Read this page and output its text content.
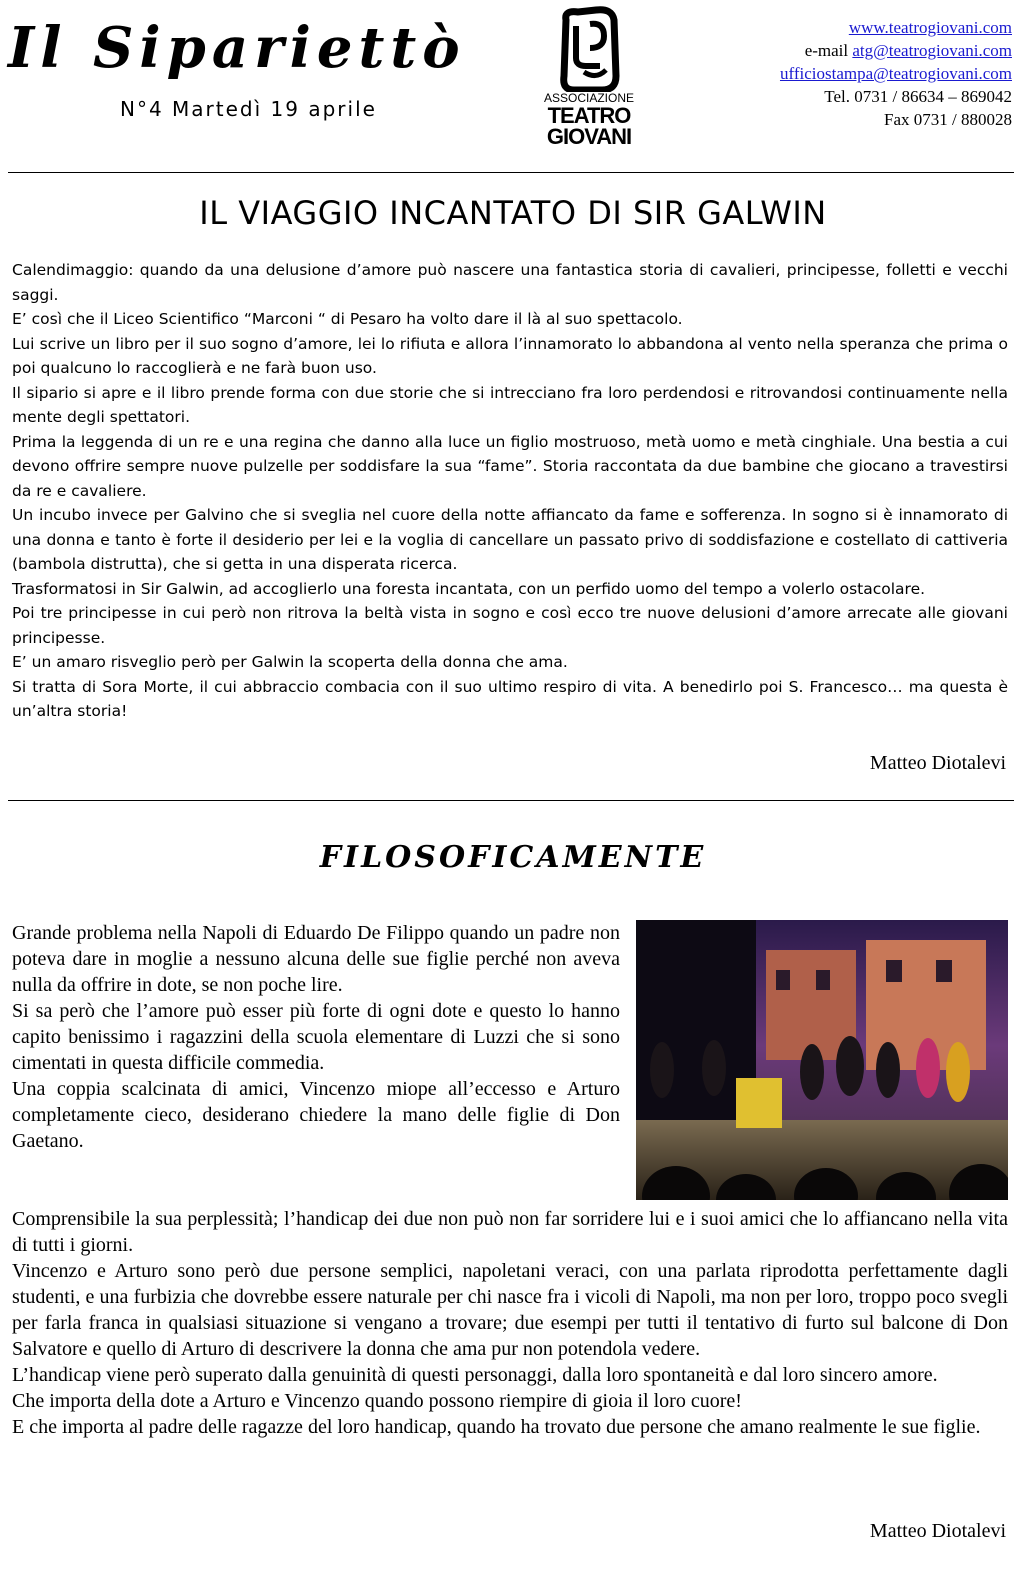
Il Sipariettò
N°4 Martedì 19 aprile	ASSOCIAZIONE
TEATRO
GIOVANI
www.teatrogiovani.com
e-mail atg@teatrogiovani.com
ufficiostampa@teatrogiovani.com
Tel. 0731 / 86634 – 869042
Fax 0731 / 880028
IL VIAGGIO INCANTATO DI SIR GALWIN

Calendimaggio: quando da una delusione d’amore può nascere una fantastica storia di cavalieri, principesse, folletti e vecchi saggi.

E’ così che il Liceo Scientifico “Marconi “ di Pesaro ha volto dare il là al suo spettacolo.

Lui scrive un libro per il suo sogno d’amore, lei lo rifiuta e allora l’innamorato lo abbandona al vento nella speranza che prima o poi qualcuno lo raccoglierà e ne farà buon uso.

Il sipario si apre e il libro prende forma con due storie che si intrecciano fra loro perdendosi e ritrovandosi continuamente nella mente degli spettatori.

Prima la leggenda di un re e una regina che danno alla luce un figlio mostruoso, metà uomo e metà cinghiale. Una bestia a cui devono offrire sempre nuove pulzelle per soddisfare la sua “fame”. Storia raccontata da due bambine che giocano a travestirsi da re e cavaliere.

Un incubo invece per Galvino che si sveglia nel cuore della notte affiancato da fame e sofferenza. In sogno si è innamorato di una donna e tanto è forte il desiderio per lei e la voglia di cancellare un passato privo di soddisfazione e costellato di cattiveria (bambola distrutta), che si getta in una disperata ricerca.

Trasformatosi in Sir Galwin, ad accoglierlo una foresta incantata, con un perfido uomo del tempo a volerlo ostacolare.

Poi tre principesse in cui però non ritrova la beltà vista in sogno e così ecco tre nuove delusioni d’amore arrecate alle giovani principesse.

E’ un amaro risveglio però per Galwin la scoperta della donna che ama.

Si tratta di Sora Morte, il cui abbraccio combacia con il suo ultimo respiro di vita. A benedirlo poi S. Francesco… ma questa è un’altra storia!

Matteo Diotalevi
FILOSOFICAMENTE

Grande problema nella Napoli di Eduardo De Filippo quando un padre non poteva dare in moglie a nessuno alcuna delle sue figlie perché non aveva nulla da offrire in dote, se non poche lire.

Si sa però che l’amore può esser più forte di ogni dote e questo lo hanno capito benissimo i ragazzini della scuola elementare di Luzzi che si sono cimentati in questa difficile commedia.

Una coppia scalcinata di amici, Vincenzo miope all’eccesso e Arturo completamente cieco, desiderano chiedere la mano delle figlie di Don Gaetano.

Comprensibile la sua perplessità; l’handicap dei due non può non far sorridere lui e i suoi amici che lo affiancano nella vita di tutti i giorni.

Vincenzo e Arturo sono però due persone semplici, napoletani veraci, con una parlata riprodotta perfettamente dagli studenti, e una furbizia che dovrebbe essere naturale per chi nasce fra i vicoli di Napoli, ma non per loro, troppo poco svegli per farla franca in qualsiasi situazione si vengano a trovare; due esempi per tutti il tentativo di furto sul balcone di Don Salvatore e quello di Arturo di descrivere la donna che ama pur non potendola vedere.

L’handicap viene però superato dalla genuinità di questi personaggi, dalla loro spontaneità e dal loro sincero amore.

Che importa della dote a Arturo e Vincenzo quando possono riempire di gioia il loro cuore!

E che importa al padre delle ragazze del loro handicap, quando ha trovato due persone che amano realmente le sue figlie.

Matteo Diotalevi
